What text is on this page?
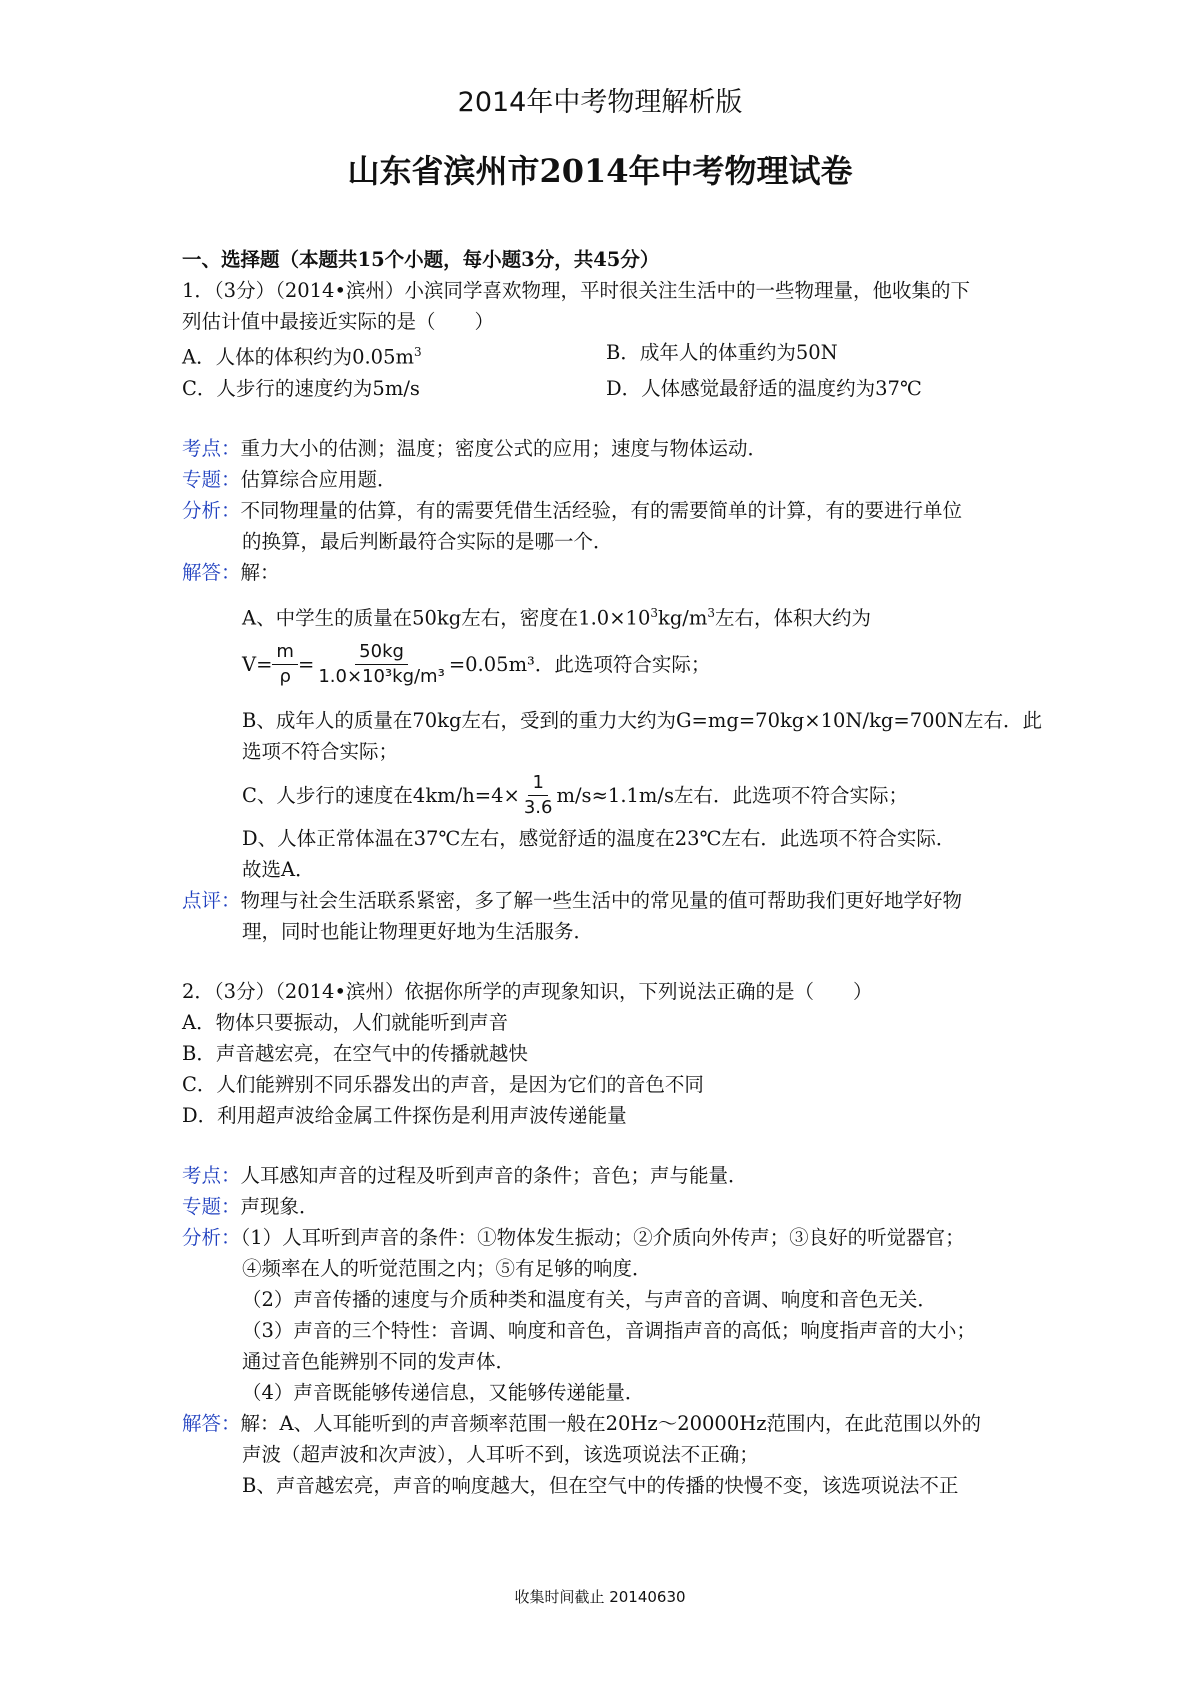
2014年中考物理解析版
山东省滨州市2014年中考物理试卷
一、选择题（本题共15个小题，每小题3分，共45分）
1．（3分）（2014•滨州）小滨同学喜欢物理，平时很关注生活中的一些物理量，他收集的下
列估计值中最接近实际的是（　　）
A．人体的体积约为$0.05m^3$	B．成年人的体重约为50N
C．人步行的速度约为5m/s	D．人体感觉最舒适的温度约为37℃
考点：重力大小的估测；温度；密度公式的应用；速度与物体运动．
专题：估算综合应用题．
分析：不同物理量的估算，有的需要凭借生活经验，有的需要简单的计算，有的要进行单位
的换算，最后判断最符合实际的是哪一个．
解答：解：
A、中学生的质量在50kg左右，密度在$1.0\times 10^3kg/m^3$左右，体积大约为
$V= \frac{m}{\rho} = \frac{50kg}{\text{1.0×10³kg/m³}} =0.05m^3$．此选项符合实际；
B、成年人的质量在70kg左右，受到的重力大约为G=mg=70kg×10N/kg=700N左右．此
选项不符合实际；
C、人步行的速度在$4km/h=4\times \frac{1}{3.6} m/s\approx 1.1m/s$左右．此选项不符合实际；
D、人体正常体温在37℃左右，感觉舒适的温度在23℃左右．此选项不符合实际．
故选A．
点评：物理与社会生活联系紧密，多了解一些生活中的常见量的值可帮助我们更好地学好物
理，同时也能让物理更好地为生活服务．
2．（3分）（2014•滨州）依据你所学的声现象知识，下列说法正确的是（　　）
A．物体只要振动，人们就能听到声音
B．声音越宏亮，在空气中的传播就越快
C．人们能辨别不同乐器发出的声音，是因为它们的音色不同
D．利用超声波给金属工件探伤是利用声波传递能量
考点：人耳感知声音的过程及听到声音的条件；音色；声与能量．
专题：声现象．
分析：（1）人耳听到声音的条件：①物体发生振动；②介质向外传声；③良好的听觉器官；
④频率在人的听觉范围之内；⑤有足够的响度．
（2）声音传播的速度与介质种类和温度有关，与声音的音调、响度和音色无关．
（3）声音的三个特性：音调、响度和音色，音调指声音的高低；响度指声音的大小；
通过音色能辨别不同的发声体．
（4）声音既能够传递信息，又能够传递能量．
解答：解：A、人耳能听到的声音频率范围一般在20Hz～20000Hz范围内，在此范围以外的
声波（超声波和次声波），人耳听不到，该选项说法不正确；
B、声音越宏亮，声音的响度越大，但在空气中的传播的快慢不变，该选项说法不正
收集时间截止 20140630
